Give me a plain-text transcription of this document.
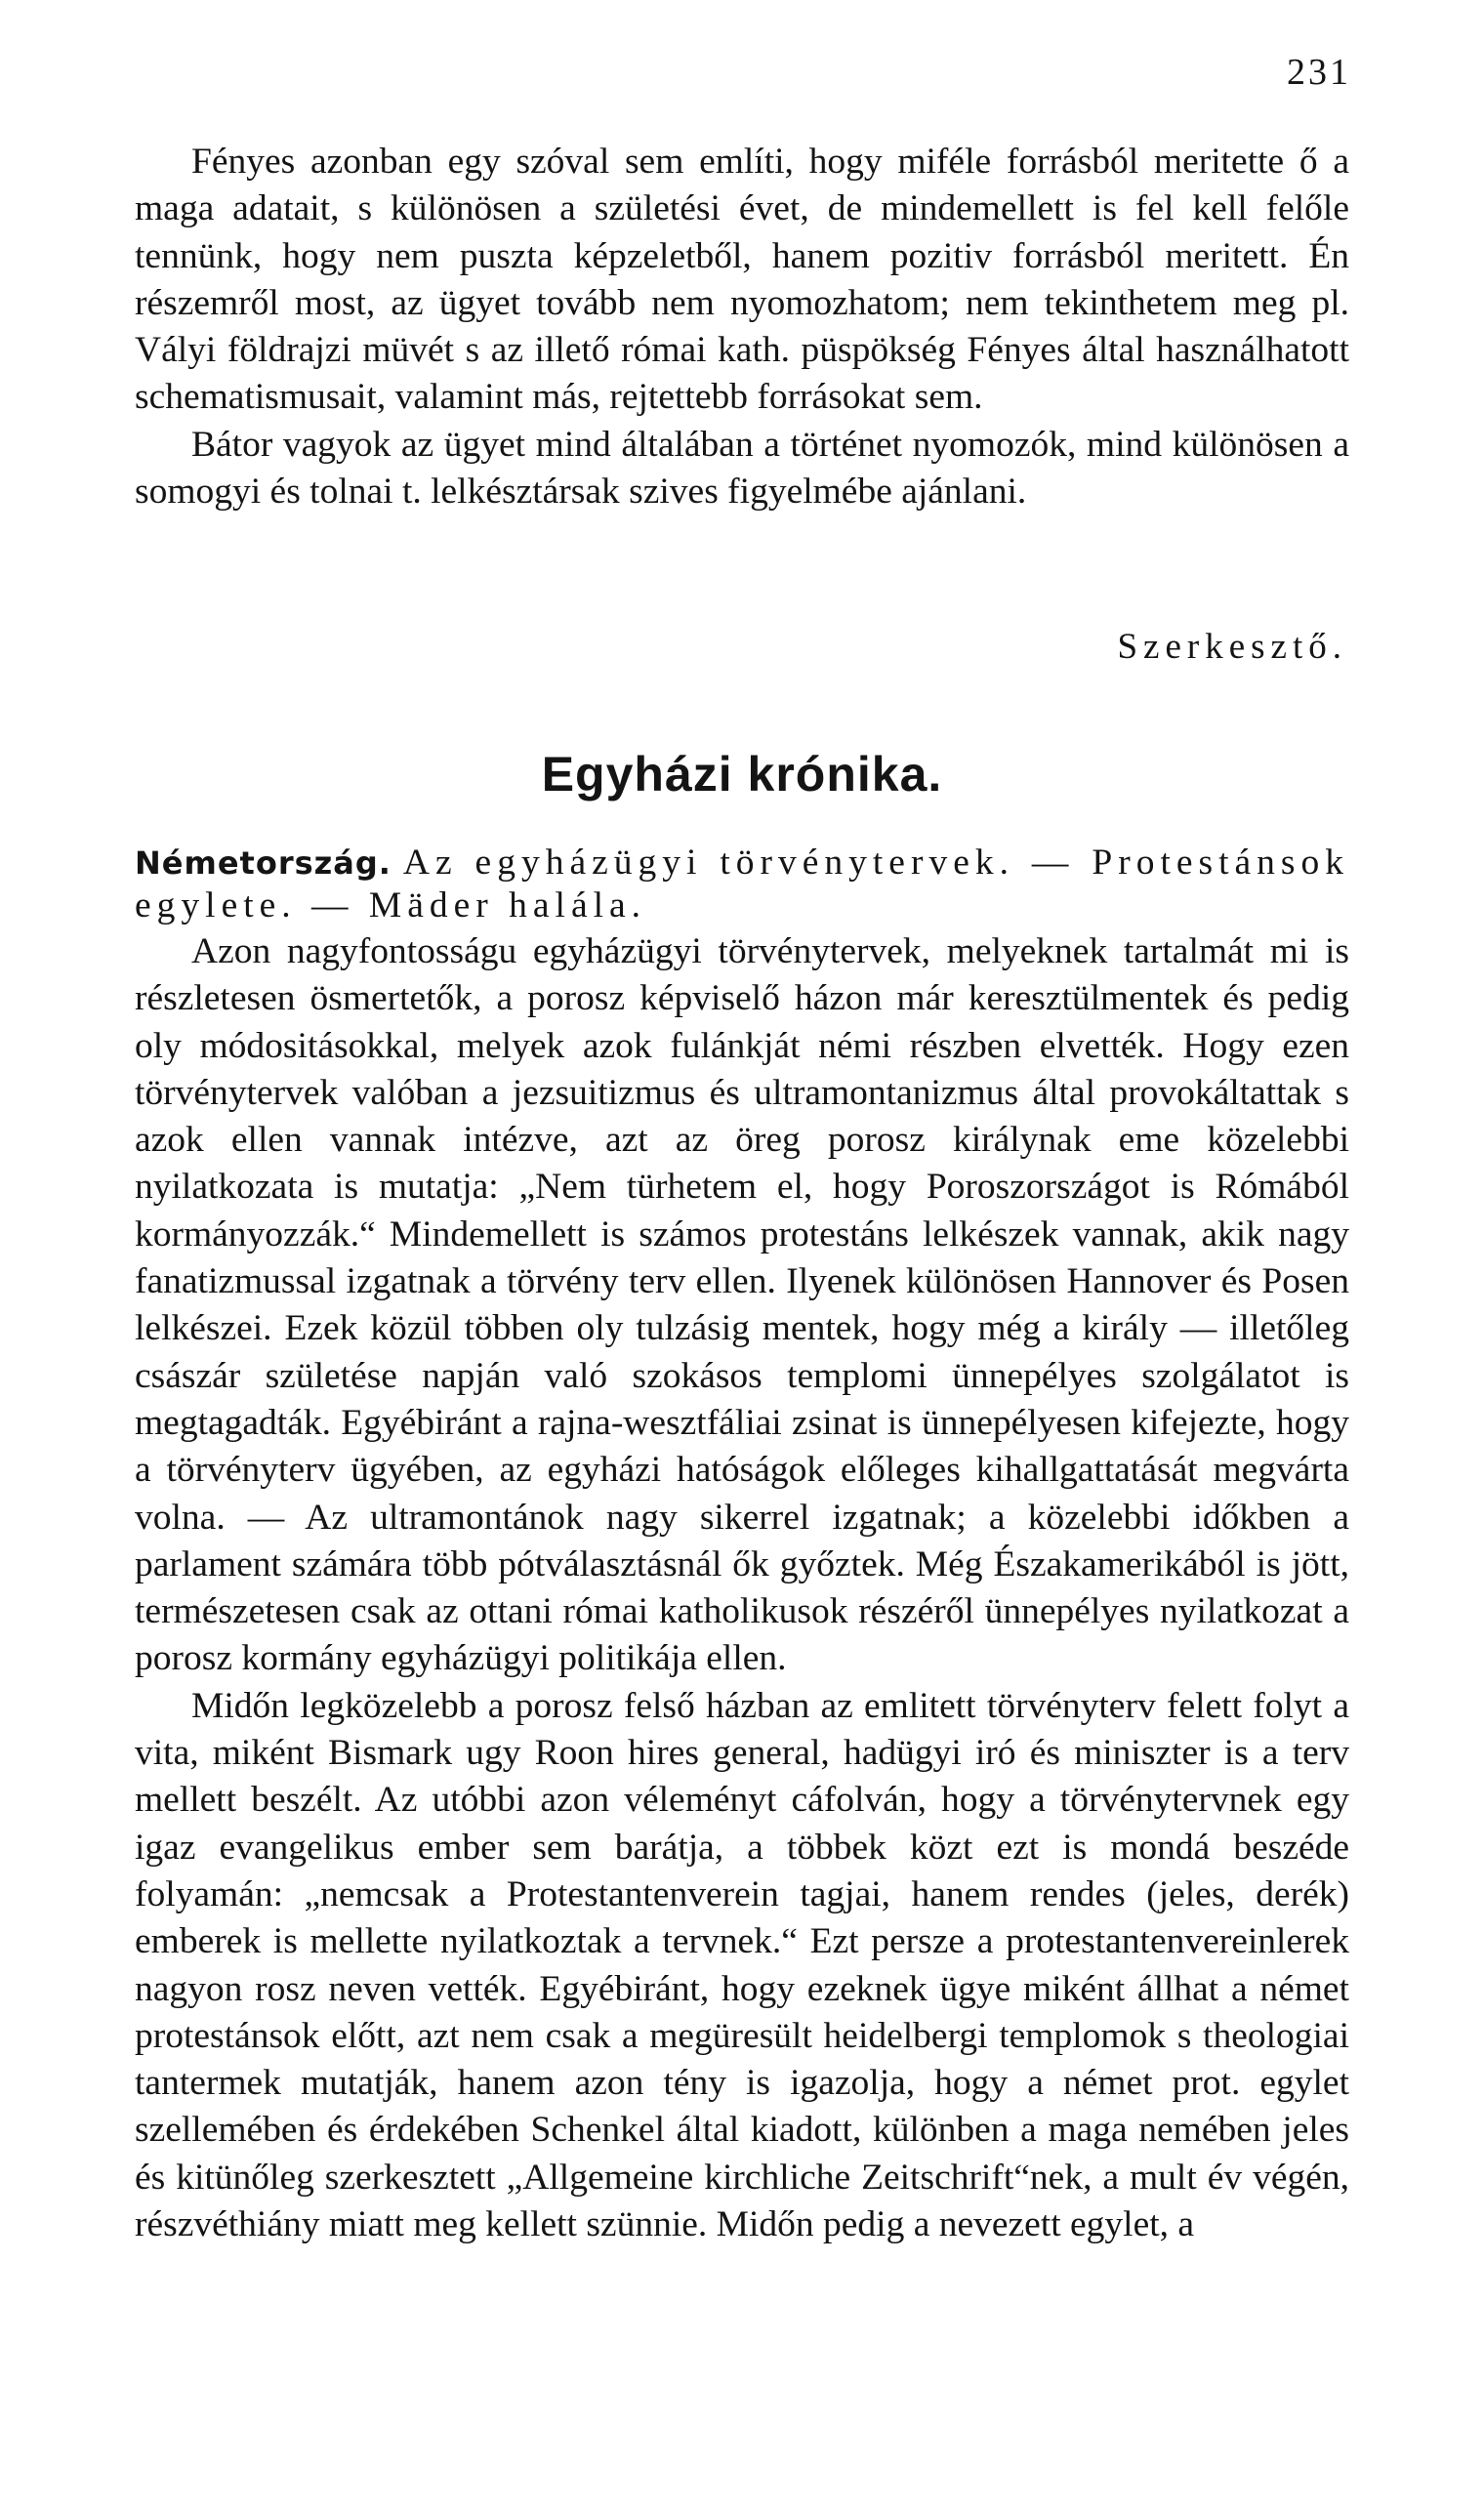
231

Fényes azonban egy szóval sem említi, hogy miféle forrásból meritette ő a maga adatait, s különösen a születési évet, de mindemellett is fel kell felőle tennünk, hogy nem puszta képzeletből, hanem pozitiv forrásból meritett. Én részemről most, az ügyet tovább nem nyomozhatom; nem tekinthetem meg pl. Vályi földrajzi müvét s az illető római kath. püspökség Fényes által használhatott schematismusait, valamint más, rejtettebb forrásokat sem.

Bátor vagyok az ügyet mind általában a történet nyomozók, mind különösen a somogyi és tolnai t. lelkésztársak szives figyelmébe ajánlani.

Szerkesztő.
Egyházi krónika.

Németország. Az egyházügyi törvénytervek. — Protestánsok egylete. — Mäder halála.

Azon nagyfontosságu egyházügyi törvénytervek, melyeknek tartalmát mi is részletesen ösmertetők, a porosz képviselő házon már keresztülmentek és pedig oly módositásokkal, melyek azok fulánkját némi részben elvették. Hogy ezen törvénytervek valóban a jezsuitizmus és ultramontanizmus által provokáltattak s azok ellen vannak intézve, azt az öreg porosz királynak eme közelebbi nyilatkozata is mutatja: „Nem türhetem el, hogy Poroszországot is Rómából kormányozzák.“ Mindemellett is számos protestáns lelkészek vannak, akik nagy fanatizmussal izgatnak a törvény terv ellen. Ilyenek különösen Hannover és Posen lelkészei. Ezek közül többen oly tulzásig mentek, hogy még a király — illetőleg császár születése napján való szokásos templomi ünnepélyes szolgálatot is megtagadták. Egyébiránt a rajna-wesztfáliai zsinat is ünnepélyesen kifejezte, hogy a törvényterv ügyében, az egyházi hatóságok előleges kihallgattatását megvárta volna. — Az ultramontánok nagy sikerrel izgatnak; a közelebbi időkben a parlament számára több pótválasztásnál ők győztek. Még Északamerikából is jött, természetesen csak az ottani római katholikusok részéről ünnepélyes nyilatkozat a porosz kormány egyházügyi politikája ellen.

Midőn legközelebb a porosz felső házban az emlitett törvényterv felett folyt a vita, miként Bismark ugy Roon hires general, hadügyi iró és miniszter is a terv mellett beszélt. Az utóbbi azon véleményt cáfolván, hogy a törvénytervnek egy igaz evangelikus ember sem barátja, a többek közt ezt is mondá beszéde folyamán: „nemcsak a Protestantenverein tagjai, hanem rendes (jeles, derék) emberek is mellette nyilatkoztak a tervnek.“ Ezt persze a protestantenvereinlerek nagyon rosz neven vették. Egyébiránt, hogy ezeknek ügye miként állhat a német protestánsok előtt, azt nem csak a megüresült heidelbergi templomok s theologiai tantermek mutatják, hanem azon tény is igazolja, hogy a német prot. egylet szellemében és érdekében Schenkel által kiadott, különben a maga nemében jeles és kitünőleg szerkesztett „Allgemeine kirchliche Zeitschrift“nek, a mult év végén, részvéthiány miatt meg kellett szünnie. Midőn pedig a nevezett egylet, a
